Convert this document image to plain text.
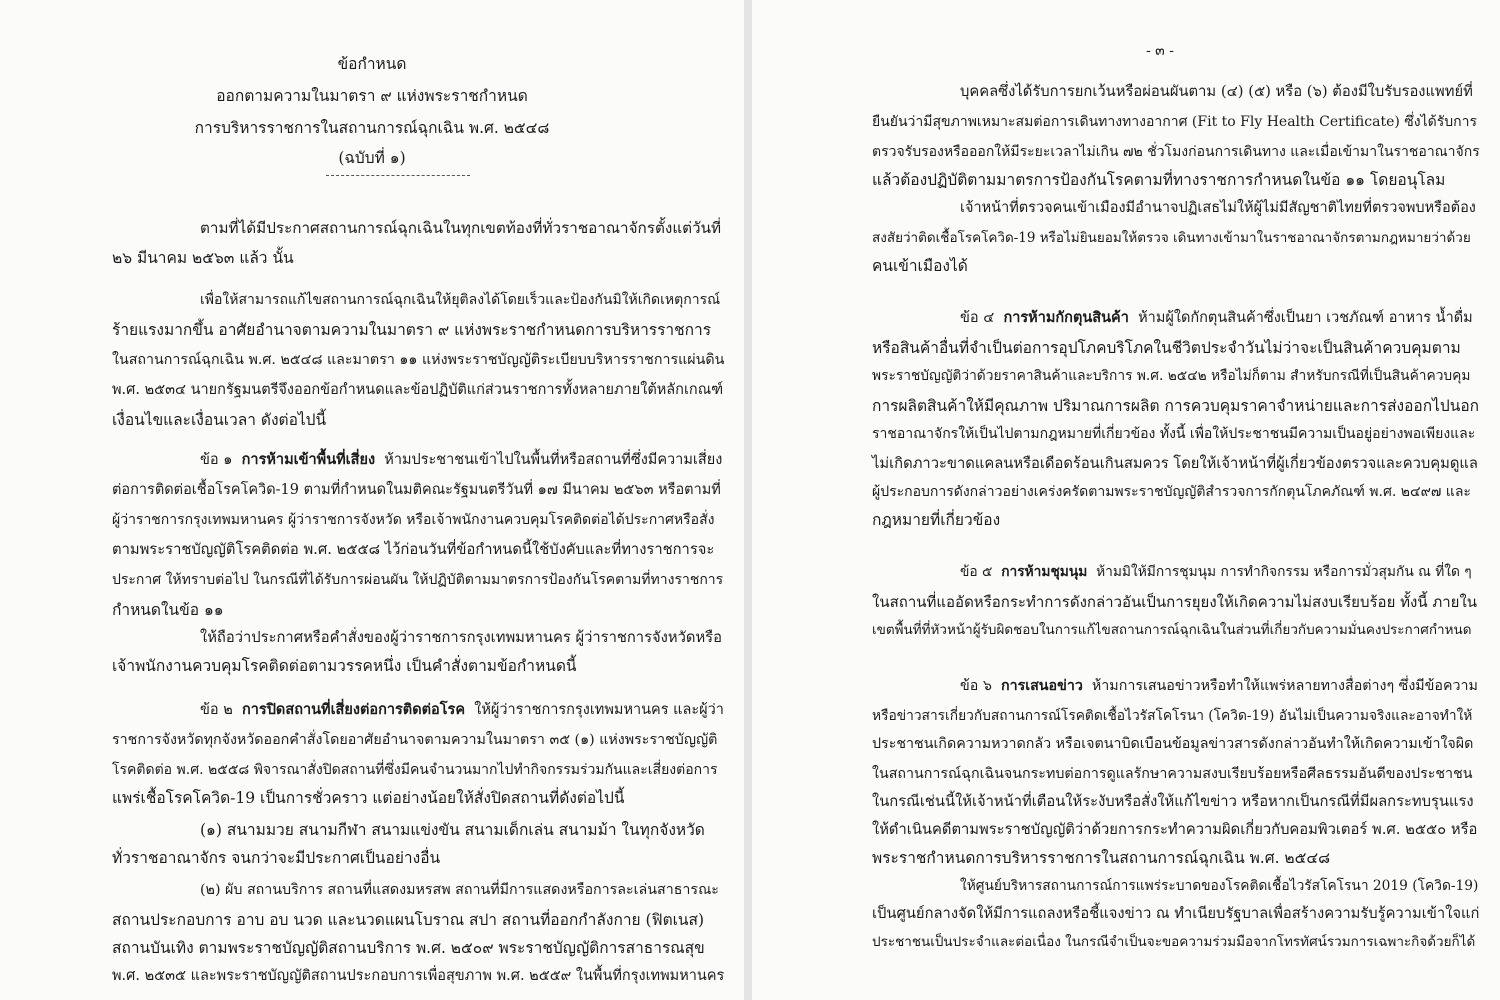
ข้อกำหนด
ออกตามความในมาตรา ๙ แห่งพระราชกำหนด
การบริหารราชการในสถานการณ์ฉุกเฉิน พ.ศ. ๒๕๔๘
(ฉบับที่ ๑)
ตามที่ได้มีประกาศสถานการณ์ฉุกเฉินในทุกเขตท้องที่ทั่วราชอาณาจักรตั้งแต่วันที่
๒๖ มีนาคม ๒๕๖๓ แล้ว นั้น
เพื่อให้สามารถแก้ไขสถานการณ์ฉุกเฉินให้ยุติลงได้โดยเร็วและป้องกันมิให้เกิดเหตุการณ์
ร้ายแรงมากขึ้น อาศัยอำนาจตามความในมาตรา ๙ แห่งพระราชกำหนดการบริหารราชการ
ในสถานการณ์ฉุกเฉิน พ.ศ. ๒๕๔๘ และมาตรา ๑๑ แห่งพระราชบัญญัติระเบียบบริหารราชการแผ่นดิน
พ.ศ. ๒๕๓๔ นายกรัฐมนตรีจึงออกข้อกำหนดและข้อปฏิบัติแก่ส่วนราชการทั้งหลายภายใต้หลักเกณฑ์
เงื่อนไขและเงื่อนเวลา ดังต่อไปนี้
ข้อ ๑ การห้ามเข้าพื้นที่เสี่ยง ห้ามประชาชนเข้าไปในพื้นที่หรือสถานที่ซึ่งมีความเสี่ยง
ต่อการติดต่อเชื้อโรคโควิด-19 ตามที่กำหนดในมติคณะรัฐมนตรีวันที่ ๑๗ มีนาคม ๒๕๖๓ หรือตามที่
ผู้ว่าราชการกรุงเทพมหานคร ผู้ว่าราชการจังหวัด หรือเจ้าพนักงานควบคุมโรคติดต่อได้ประกาศหรือสั่ง
ตามพระราชบัญญัติโรคติดต่อ พ.ศ. ๒๕๕๘ ไว้ก่อนวันที่ข้อกำหนดนี้ใช้บังคับและที่ทางราชการจะ
ประกาศ ให้ทราบต่อไป ในกรณีที่ได้รับการผ่อนผัน ให้ปฏิบัติตามมาตรการป้องกันโรคตามที่ทางราชการ
กำหนดในข้อ ๑๑
ให้ถือว่าประกาศหรือคำสั่งของผู้ว่าราชการกรุงเทพมหานคร ผู้ว่าราชการจังหวัดหรือ
เจ้าพนักงานควบคุมโรคติดต่อตามวรรคหนึ่ง เป็นคำสั่งตามข้อกำหนดนี้
ข้อ ๒ การปิดสถานที่เสี่ยงต่อการติดต่อโรค ให้ผู้ว่าราชการกรุงเทพมหานคร และผู้ว่า
ราชการจังหวัดทุกจังหวัดออกคำสั่งโดยอาศัยอำนาจตามความในมาตรา ๓๕ (๑) แห่งพระราชบัญญัติ
โรคติดต่อ พ.ศ. ๒๕๕๘ พิจารณาสั่งปิดสถานที่ซึ่งมีคนจำนวนมากไปทำกิจกรรมร่วมกันและเสี่ยงต่อการ
แพร่เชื้อโรคโควิด-19 เป็นการชั่วคราว แต่อย่างน้อยให้สั่งปิดสถานที่ดังต่อไปนี้
(๑) สนามมวย สนามกีฬา สนามแข่งขัน สนามเด็กเล่น สนามม้า ในทุกจังหวัด
ทั่วราชอาณาจักร จนกว่าจะมีประกาศเป็นอย่างอื่น
(๒) ผับ สถานบริการ สถานที่แสดงมหรสพ สถานที่มีการแสดงหรือการละเล่นสาธารณะ
สถานประกอบการ อาบ อบ นวด และนวดแผนโบราณ สปา สถานที่ออกกำลังกาย (ฟิตเนส)
สถานบันเทิง ตามพระราชบัญญัติสถานบริการ พ.ศ. ๒๕๐๙ พระราชบัญญัติการสาธารณสุข
พ.ศ. ๒๕๓๕ และพระราชบัญญัติสถานประกอบการเพื่อสุขภาพ พ.ศ. ๒๕๕๙ ในพื้นที่กรุงเทพมหานคร
- ๓ -
บุคคลซึ่งได้รับการยกเว้นหรือผ่อนผันตาม (๔) (๕) หรือ (๖) ต้องมีใบรับรองแพทย์ที่
ยืนยันว่ามีสุขภาพเหมาะสมต่อการเดินทางทางอากาศ (Fit to Fly Health Certificate) ซึ่งได้รับการ
ตรวจรับรองหรือออกให้มีระยะเวลาไม่เกิน ๗๒ ชั่วโมงก่อนการเดินทาง และเมื่อเข้ามาในราชอาณาจักร
แล้วต้องปฏิบัติตามมาตรการป้องกันโรคตามที่ทางราชการกำหนดในข้อ ๑๑ โดยอนุโลม
เจ้าหน้าที่ตรวจคนเข้าเมืองมีอำนาจปฏิเสธไม่ให้ผู้ไม่มีสัญชาติไทยที่ตรวจพบหรือต้อง
สงสัยว่าติดเชื้อโรคโควิด-19 หรือไม่ยินยอมให้ตรวจ เดินทางเข้ามาในราชอาณาจักรตามกฎหมายว่าด้วย
คนเข้าเมืองได้
ข้อ ๔ การห้ามกักตุนสินค้า ห้ามผู้ใดกักตุนสินค้าซึ่งเป็นยา เวชภัณฑ์ อาหาร น้ำดื่ม
หรือสินค้าอื่นที่จำเป็นต่อการอุปโภคบริโภคในชีวิตประจำวันไม่ว่าจะเป็นสินค้าควบคุมตาม
พระราชบัญญัติว่าด้วยราคาสินค้าและบริการ พ.ศ. ๒๕๔๒ หรือไม่ก็ตาม สำหรับกรณีที่เป็นสินค้าควบคุม
การผลิตสินค้าให้มีคุณภาพ ปริมาณการผลิต การควบคุมราคาจำหน่ายและการส่งออกไปนอก
ราชอาณาจักรให้เป็นไปตามกฎหมายที่เกี่ยวข้อง ทั้งนี้ เพื่อให้ประชาชนมีความเป็นอยู่อย่างพอเพียงและ
ไม่เกิดภาวะขาดแคลนหรือเดือดร้อนเกินสมควร โดยให้เจ้าหน้าที่ผู้เกี่ยวข้องตรวจและควบคุมดูแล
ผู้ประกอบการดังกล่าวอย่างเคร่งครัดตามพระราชบัญญัติสำรวจการกักตุนโภคภัณฑ์ พ.ศ. ๒๔๙๗ และ
กฎหมายที่เกี่ยวข้อง
ข้อ ๕ การห้ามชุมนุม ห้ามมิให้มีการชุมนุม การทำกิจกรรม หรือการมั่วสุมกัน ณ ที่ใด ๆ
ในสถานที่แออัดหรือกระทำการดังกล่าวอันเป็นการยุยงให้เกิดความไม่สงบเรียบร้อย ทั้งนี้ ภายใน
เขตพื้นที่ที่หัวหน้าผู้รับผิดชอบในการแก้ไขสถานการณ์ฉุกเฉินในส่วนที่เกี่ยวกับความมั่นคงประกาศกำหนด
ข้อ ๖ การเสนอข่าว ห้ามการเสนอข่าวหรือทำให้แพร่หลายทางสื่อต่างๆ ซึ่งมีข้อความ
หรือข่าวสารเกี่ยวกับสถานการณ์โรคติดเชื้อไวรัสโคโรนา (โควิด-19) อันไม่เป็นความจริงและอาจทำให้
ประชาชนเกิดความหวาดกลัว หรือเจตนาบิดเบือนข้อมูลข่าวสารดังกล่าวอันทำให้เกิดความเข้าใจผิด
ในสถานการณ์ฉุกเฉินจนกระทบต่อการดูแลรักษาความสงบเรียบร้อยหรือศีลธรรมอันดีของประชาชน
ในกรณีเช่นนี้ให้เจ้าหน้าที่เตือนให้ระงับหรือสั่งให้แก้ไขข่าว หรือหากเป็นกรณีที่มีผลกระทบรุนแรง
ให้ดำเนินคดีตามพระราชบัญญัติว่าด้วยการกระทำความผิดเกี่ยวกับคอมพิวเตอร์ พ.ศ. ๒๕๕๐ หรือ
พระราชกำหนดการบริหารราชการในสถานการณ์ฉุกเฉิน พ.ศ. ๒๕๔๘
ให้ศูนย์บริหารสถานการณ์การแพร่ระบาดของโรคติดเชื้อไวรัสโคโรนา 2019 (โควิด-19)
เป็นศูนย์กลางจัดให้มีการแถลงหรือชี้แจงข่าว ณ ทำเนียบรัฐบาลเพื่อสร้างความรับรู้ความเข้าใจแก่
ประชาชนเป็นประจำและต่อเนื่อง ในกรณีจำเป็นจะขอความร่วมมือจากโทรทัศน์รวมการเฉพาะกิจด้วยก็ได้
